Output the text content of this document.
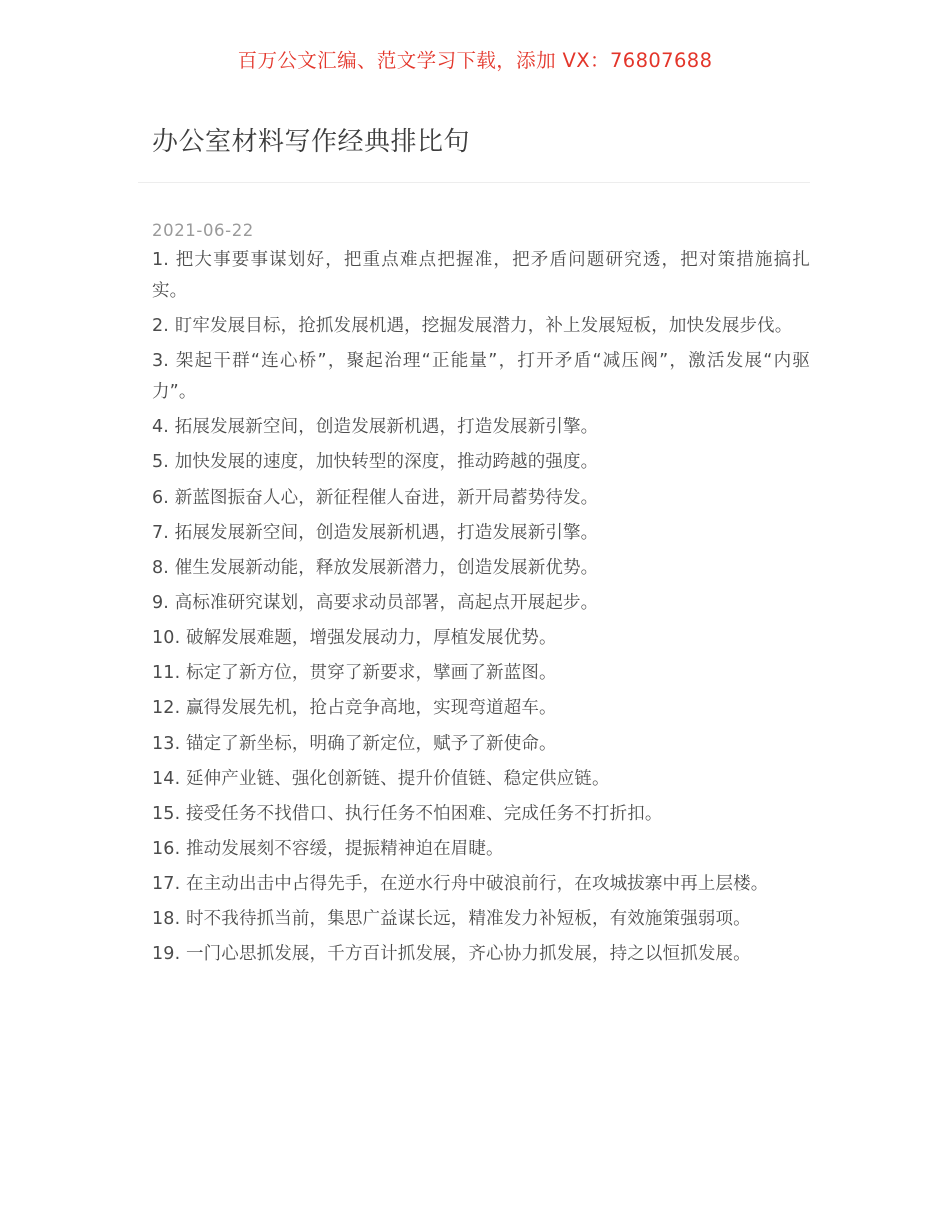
百万公文汇编、范文学习下载，添加 VX：76807688
办公室材料写作经典排比句
2021-06-22
1. 把大事要事谋划好，把重点难点把握准，把矛盾问题研究透，把对策措施搞扎实。
2. 盯牢发展目标，抢抓发展机遇，挖掘发展潜力，补上发展短板，加快发展步伐。
3. 架起干群“连心桥”，聚起治理“正能量”，打开矛盾“减压阀”，激活发展“内驱力”。
4. 拓展发展新空间，创造发展新机遇，打造发展新引擎。
5. 加快发展的速度，加快转型的深度，推动跨越的强度。
6. 新蓝图振奋人心，新征程催人奋进，新开局蓄势待发。
7. 拓展发展新空间，创造发展新机遇，打造发展新引擎。
8. 催生发展新动能，释放发展新潜力，创造发展新优势。
9. 高标准研究谋划，高要求动员部署，高起点开展起步。
10. 破解发展难题，增强发展动力，厚植发展优势。
11. 标定了新方位，贯穿了新要求，擘画了新蓝图。
12. 赢得发展先机，抢占竞争高地，实现弯道超车。
13. 锚定了新坐标，明确了新定位，赋予了新使命。
14. 延伸产业链、强化创新链、提升价值链、稳定供应链。
15. 接受任务不找借口、执行任务不怕困难、完成任务不打折扣。
16. 推动发展刻不容缓，提振精神迫在眉睫。
17. 在主动出击中占得先手，在逆水行舟中破浪前行，在攻城拔寨中再上层楼。
18. 时不我待抓当前，集思广益谋长远，精准发力补短板，有效施策强弱项。
19. 一门心思抓发展，千方百计抓发展，齐心协力抓发展，持之以恒抓发展。
